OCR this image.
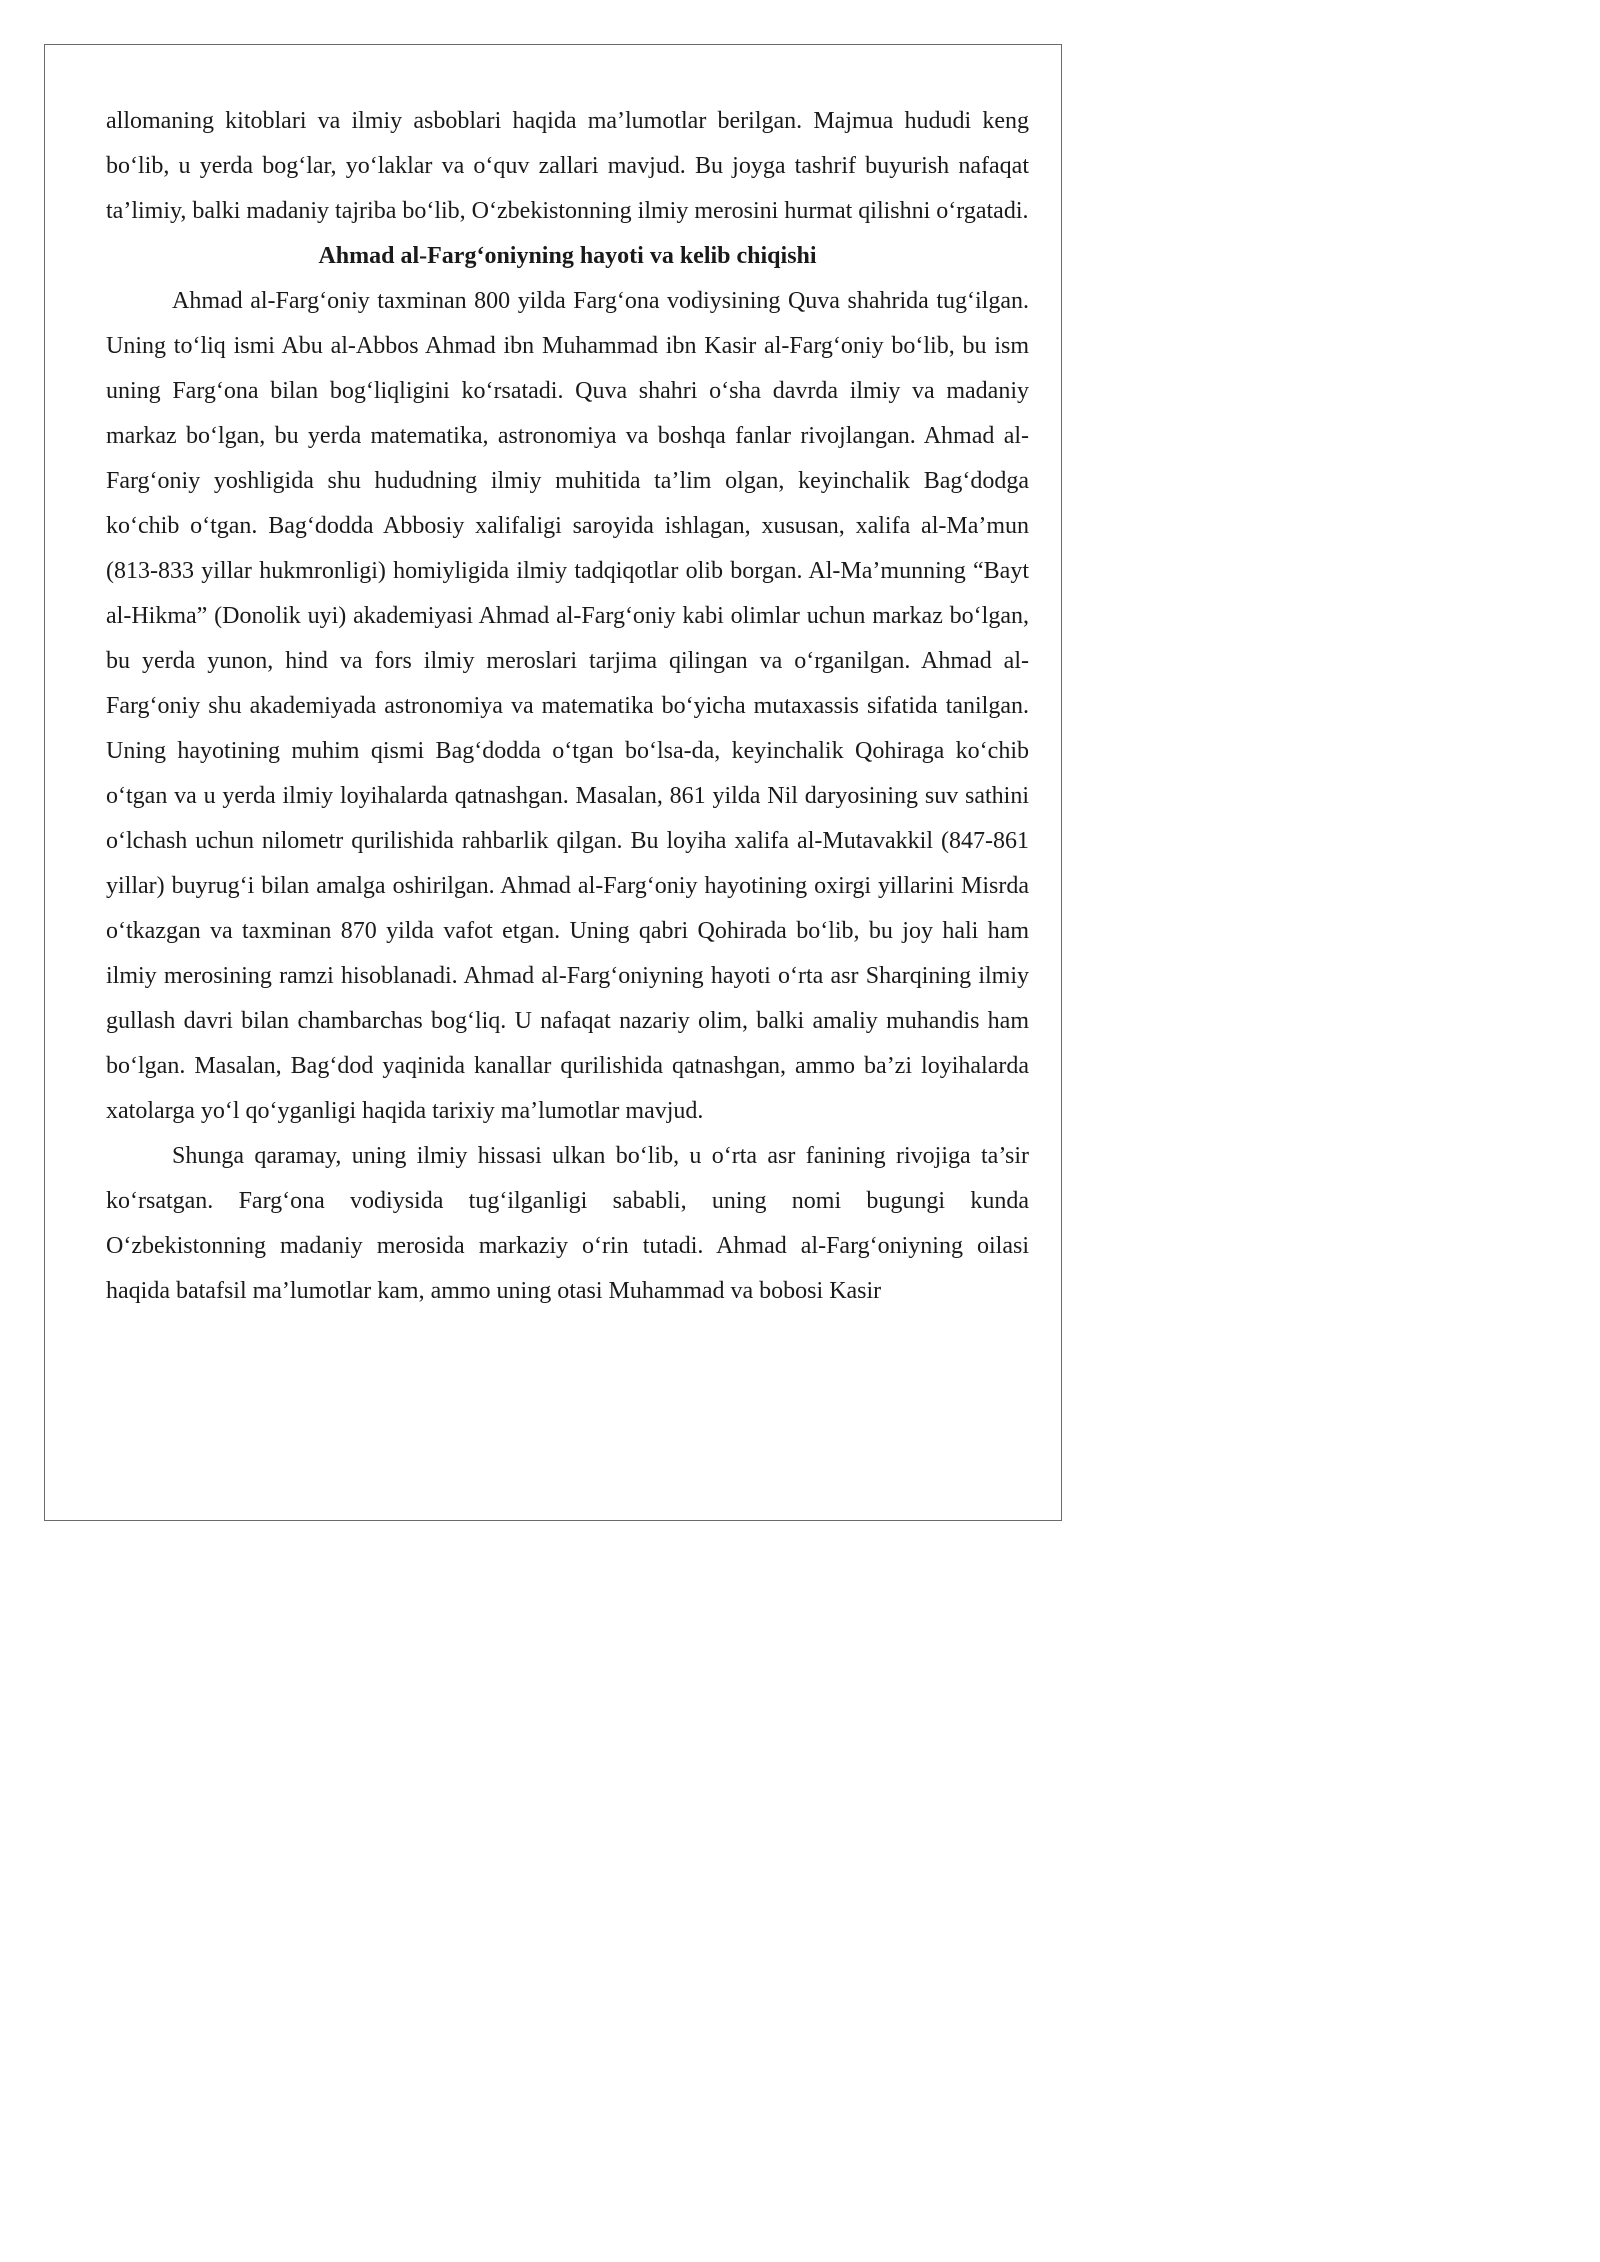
allomaning kitoblari va ilmiy asboblari haqida ma’lumotlar berilgan. Majmua hududi keng bo‘lib, u yerda bog‘lar, yo‘laklar va o‘quv zallari mavjud. Bu joyga tashrif buyurish nafaqat ta’limiy, balki madaniy tajriba bo‘lib, O‘zbekistonning ilmiy merosini hurmat qilishni o‘rgatadi.

Ahmad al-Farg‘oniyning hayoti va kelib chiqishi

Ahmad al-Farg‘oniy taxminan 800 yilda Farg‘ona vodiysining Quva shahrida tug‘ilgan. Uning to‘liq ismi Abu al-Abbos Ahmad ibn Muhammad ibn Kasir al-Farg‘oniy bo‘lib, bu ism uning Farg‘ona bilan bog‘liqligini ko‘rsatadi. Quva shahri o‘sha davrda ilmiy va madaniy markaz bo‘lgan, bu yerda matematika, astronomiya va boshqa fanlar rivojlangan. Ahmad al-Farg‘oniy yoshligida shu hududning ilmiy muhitida ta’lim olgan, keyinchalik Bag‘dodga ko‘chib o‘tgan. Bag‘dodda Abbosiy xalifaligi saroyida ishlagan, xususan, xalifa al-Ma’mun (813-833 yillar hukmronligi) homiyligida ilmiy tadqiqotlar olib borgan. Al-Ma’munning “Bayt al-Hikma” (Donolik uyi) akademiyasi Ahmad al-Farg‘oniy kabi olimlar uchun markaz bo‘lgan, bu yerda yunon, hind va fors ilmiy meroslari tarjima qilingan va o‘rganilgan. Ahmad al-Farg‘oniy shu akademiyada astronomiya va matematika bo‘yicha mutaxassis sifatida tanilgan. Uning hayotining muhim qismi Bag‘dodda o‘tgan bo‘lsa-da, keyinchalik Qohiraga ko‘chib o‘tgan va u yerda ilmiy loyihalarda qatnashgan. Masalan, 861 yilda Nil daryosining suv sathini o‘lchash uchun nilometr qurilishida rahbarlik qilgan. Bu loyiha xalifa al-Mutavakkil (847-861 yillar) buyrug‘i bilan amalga oshirilgan. Ahmad al-Farg‘oniy hayotining oxirgi yillarini Misrda o‘tkazgan va taxminan 870 yilda vafot etgan. Uning qabri Qohirada bo‘lib, bu joy hali ham ilmiy merosining ramzi hisoblanadi. Ahmad al-Farg‘oniyning hayoti o‘rta asr Sharqining ilmiy gullash davri bilan chambarchas bog‘liq. U nafaqat nazariy olim, balki amaliy muhandis ham bo‘lgan. Masalan, Bag‘dod yaqinida kanallar qurilishida qatnashgan, ammo ba’zi loyihalarda xatolarga yo‘l qo‘yganligi haqida tarixiy ma’lumotlar mavjud.

Shunga qaramay, uning ilmiy hissasi ulkan bo‘lib, u o‘rta asr fanining rivojiga ta’sir ko‘rsatgan. Farg‘ona vodiysida tug‘ilganligi sababli, uning nomi bugungi kunda O‘zbekistonning madaniy merosida markaziy o‘rin tutadi. Ahmad al-Farg‘oniyning oilasi haqida batafsil ma’lumotlar kam, ammo uning otasi Muhammad va bobosi Kasir
